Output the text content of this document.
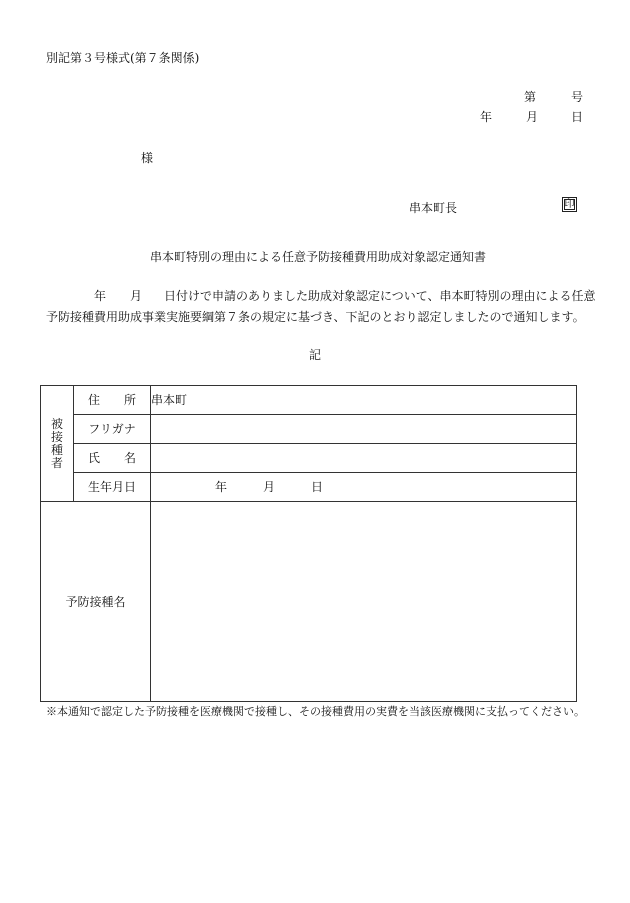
別記第３号様式(第７条関係)
第	号
年	月	日
様
串本町長	印
串本町特別の理由による任意予防接種費用助成対象認定通知書
年 月 日付けで申請のありました助成対象認定について、串本町特別の理由による任意
予防接種費用助成事業実施要綱第７条の規定に基づき、下記のとおり認定しましたので通知します。
記
被
接
種
者	住　　所	串本町
	フリガナ	
	氏　　名	
	生年月日	年 月 日

予防接種名		
※本通知で認定した予防接種を医療機関で接種し、その接種費用の実費を当該医療機関に支払ってください。
